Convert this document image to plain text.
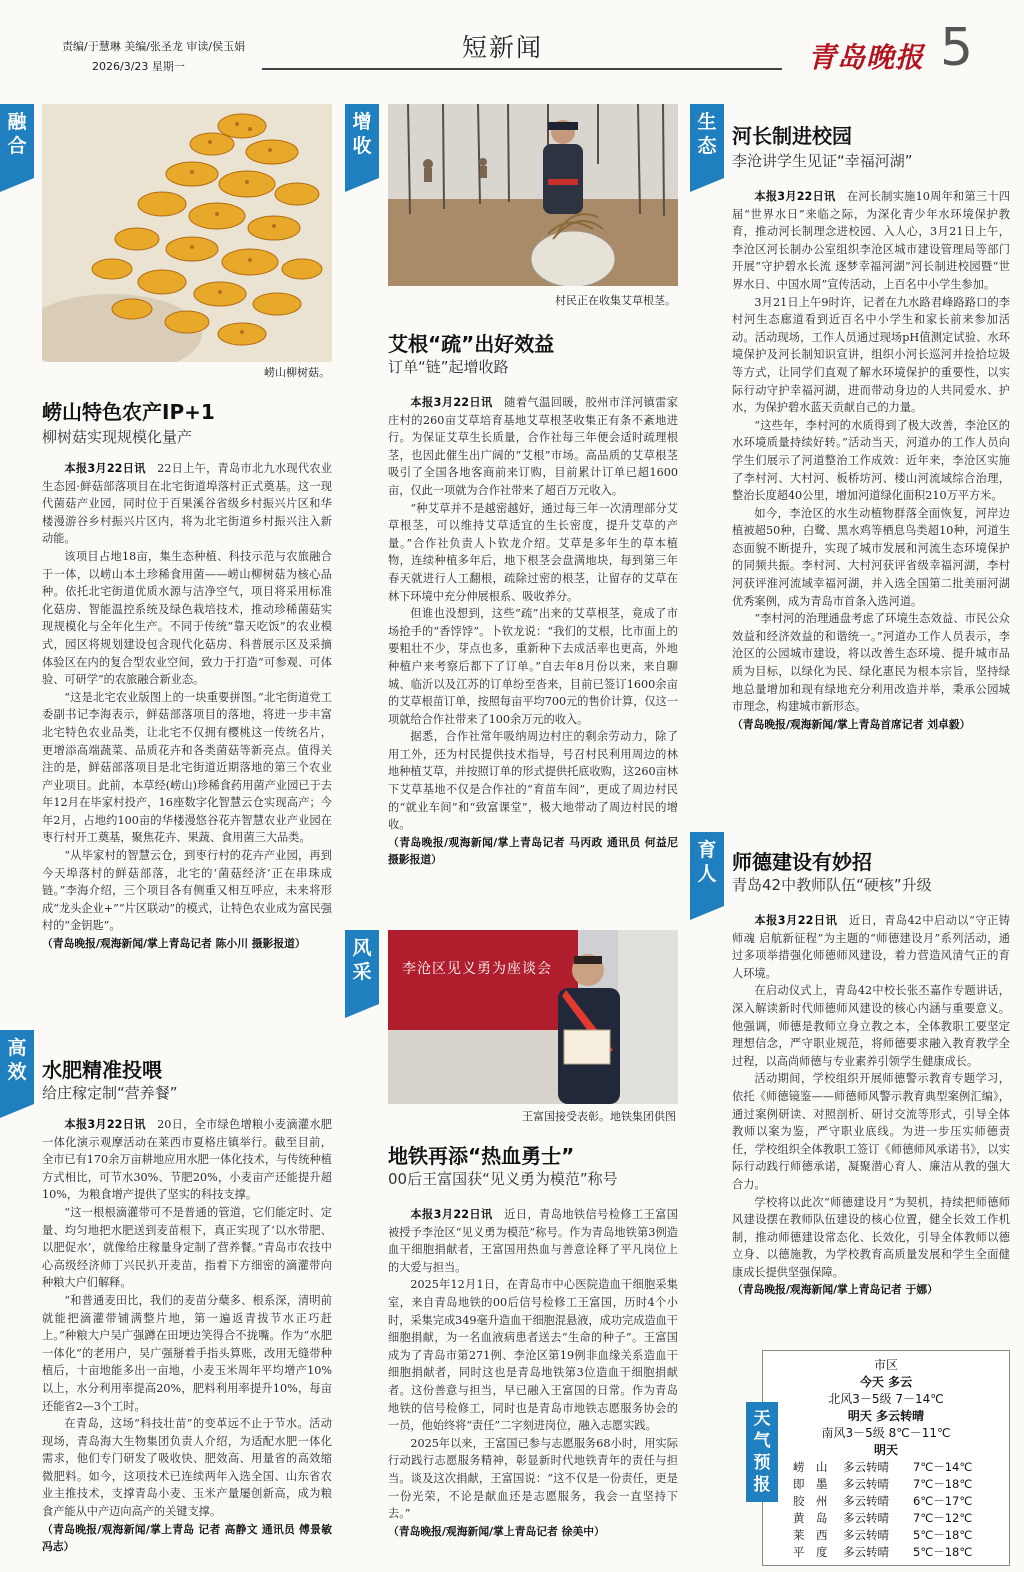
责编/于慧琳 美编/张圣龙 审读/侯玉娟
2026/3/23 星期一
短新闻	青岛晚报 5
融
合
崂山柳树菇。
崂山特色农产IP+1
柳树菇实现规模化量产

本报3月22日讯　 22日上午，青岛市北九水现代农业生态园·鲜菇部落项目在北宅街道埠落村正式奠基。这一现代菌菇产业园，同时位于百果溪谷省级乡村振兴片区和华楼漫游谷乡村振兴片区内，将为北宅街道乡村振兴注入新动能。

该项目占地18亩，集生态种植、科技示范与农旅融合于一体，以崂山本土珍稀食用菌——崂山柳树菇为核心品种。依托北宅街道优质水源与洁净空气，项目将采用标准化菇房、智能温控系统及绿色栽培技术，推动珍稀菌菇实现规模化与全年化生产。不同于传统“靠天吃饭”的农业模式，园区将规划建设包含现代化菇房、科普展示区及采摘体验区在内的复合型农业空间，致力于打造“可参观、可体验、可研学”的农旅融合新业态。

“这是北宅农业版图上的一块重要拼图。”北宅街道党工委副书记李海表示，鲜菇部落项目的落地，将进一步丰富北宅特色农业品类，让北宅不仅拥有樱桃这一传统名片，更增添高端蔬菜、品质花卉和各类菌菇等新亮点。值得关注的是，鲜菇部落项目是北宅街道近期落地的第三个农业产业项目。此前，本草经(崂山)珍稀食药用菌产业园已于去年12月在毕家村投产，16座数字化智慧云仓实现高产；今年2月，占地约100亩的华楼漫悠谷花卉智慧农业产业园在枣行村开工奠基，聚焦花卉、果蔬、食用菌三大品类。

“从毕家村的智慧云仓，到枣行村的花卉产业园，再到今天埠落村的鲜菇部落，北宅的‘菌菇经济’正在串珠成链。”李海介绍，三个项目各有侧重又相互呼应，未来将形成“龙头企业+”“片区联动”的模式，让特色农业成为富民强村的“金钥匙”。

（青岛晚报/观海新闻/掌上青岛记者 陈小川 摄影报道）

高
效 水肥精准投喂
给庄稼定制“营养餐”

本报3月22日讯　 20日，全市绿色增粮小麦滴灌水肥一体化演示观摩活动在莱西市夏格庄镇举行。截至目前，全市已有170余万亩耕地应用水肥一体化技术，与传统种植方式相比，可节水30%、节肥20%，小麦亩产还能提升超10%，为粮食增产提供了坚实的科技支撑。

“这一根根滴灌带可不是普通的管道，它们能定时、定量、均匀地把水肥送到麦苗根下，真正实现了‘以水带肥、以肥促水’，就像给庄稼量身定制了营养餐。”青岛市农技中心高级经济师丁兴民扒开麦苗，指着下方细密的滴灌带向种粮大户们解释。

“和普通麦田比，我们的麦苗分蘖多、根系深，清明前就能把滴灌带铺满整片地，第一遍返青拔节水正巧赶上。”种粮大户吴广强蹲在田埂边笑得合不拢嘴。作为“水肥一体化”的老用户，吴广强掰着手指头算账，改用无缝带种植后，十亩地能多出一亩地，小麦玉米周年平均增产10%以上，水分利用率提高20%，肥料利用率提升10%，每亩还能省2—3个工时。

在青岛，这场“科技壮苗”的变革远不止于节水。活动现场，青岛海大生物集团负责人介绍，为适配水肥一体化需求，他们专门研发了吸收快、肥效高、用量省的高效缩微肥料。如今，这项技术已连续两年入选全国、山东省农业主推技术，支撑青岛小麦、玉米产量屡创新高，成为粮食产能从中产迈向高产的关键支撑。

（青岛晚报/观海新闻/掌上青岛 记者 高静文 通讯员 傅景敏 冯志）

增
收
村民正在收集艾草根茎。
艾根“疏”出好效益
订单“链”起增收路

本报3月22日讯　 随着气温回暖，胶州市洋河镇雷家庄村的260亩艾草培育基地艾草根茎收集正有条不紊地进行。为保证艾草生长质量，合作社每三年便会适时疏理根茎，也因此催生出广阔的“艾根”市场。高品质的艾草根茎吸引了全国各地客商前来订购，目前累计订单已超1600亩，仅此一项就为合作社带来了超百万元收入。

“种艾草并不是越密越好，通过每三年一次清理部分艾草根茎，可以维持艾草适宜的生长密度，提升艾草的产量。”合作社负责人卜钦龙介绍。艾草是多年生的草本植物，连续种植多年后，地下根茎会盘满地块，每到第三年春天就进行人工翻根，疏除过密的根茎，让留存的艾草在林下环境中充分伸展根系、吸收养分。

但谁也没想到，这些“疏”出来的艾草根茎，竟成了市场抢手的“香饽饽”。卜钦龙说：“我们的艾根，比市面上的要粗壮不少，芽点也多，重新种下去成活率也更高，外地种植户来考察后都下了订单。”自去年8月份以来，来自聊城、临沂以及江苏的订单纷至沓来，目前已签订1600余亩的艾草根苗订单，按照每亩平均700元的售价计算，仅这一项就给合作社带来了100余万元的收入。

据悉，合作社常年吸纳周边村庄的剩余劳动力，除了用工外，还为村民提供技术指导，号召村民利用周边的林地种植艾草，并按照订单的形式提供托底收购，这260亩林下艾草基地不仅是合作社的“育苗车间”，更成了周边村民的“就业车间”和“致富课堂”，极大地带动了周边村民的增收。

（青岛晚报/观海新闻/掌上青岛记者 马丙政 通讯员 何益尼 摄影报道）

风
采	李沧区见义勇为座谈会
王富国接受表彰。地铁集团供图
地铁再添“热血勇士”
00后王富国获“见义勇为模范”称号

本报3月22日讯　 近日，青岛地铁信号检修工王富国被授予李沧区“见义勇为模范”称号。作为青岛地铁第3例造血干细胞捐献者，王富国用热血与善意诠释了平凡岗位上的大爱与担当。

2025年12月1日，在青岛市中心医院造血干细胞采集室，来自青岛地铁的00后信号检修工王富国，历时4个小时，采集完成349毫升造血干细胞混悬液，成功完成造血干细胞捐献，为一名血液病患者送去“生命的种子”。王富国成为了青岛市第271例、李沧区第19例非血缘关系造血干细胞捐献者，同时这也是青岛地铁第3位造血干细胞捐献者。这份善意与担当，早已融入王富国的日常。作为青岛地铁的信号检修工，同时也是青岛市地铁志愿服务协会的一员，他始终将“责任”二字刻进岗位，融入志愿实践。

2025年以来，王富国已参与志愿服务68小时，用实际行动践行志愿服务精神，彰显新时代地铁青年的责任与担当。谈及这次捐献，王富国说：“这不仅是一份责任，更是一份光荣，不论是献血还是志愿服务，我会一直坚持下去。”

（青岛晚报/观海新闻/掌上青岛记者 徐美中）

生
态 河长制进校园
李沧讲学生见证“幸福河湖”

本报3月22日讯　 在河长制实施10周年和第三十四届“世界水日”来临之际，为深化青少年水环境保护教育，推动河长制理念进校园、入人心，3月21日上午，李沧区河长制办公室组织李沧区城市建设管理局等部门开展“守护碧水长流 逐梦幸福河湖”河长制进校园暨“世界水日、中国水周”宣传活动，上百名中小学生参加。

3月21日上午9时许，记者在九水路君峰路路口的李村河生态廊道看到近百名中小学生和家长前来参加活动。活动现场，工作人员通过现场pH值测定试验、水环境保护及河长制知识宣讲，组织小河长巡河并捡拾垃圾等方式，让同学们直观了解水环境保护的重要性，以实际行动守护幸福河湖，进而带动身边的人共同爱水、护水，为保护碧水蓝天贡献自己的力量。

“这些年，李村河的水质得到了极大改善，李沧区的水环境质量持续好转。”活动当天，河道办的工作人员向学生们展示了河道整治工作成效：近年来，李沧区实施了李村河、大村河、板桥坊河、楼山河流域综合治理，整治长度超40公里，增加河道绿化面积210万平方米。

如今，李沧区的水生动植物群落全面恢复，河岸边植被超50种，白鹭、黑水鸡等栖息鸟类超10种，河道生态面貌不断提升，实现了城市发展和河流生态环境保护的同频共振。李村河、大村河获评省级幸福河湖，李村河获评淮河流域幸福河湖，并入选全国第二批美丽河湖优秀案例，成为青岛市首条入选河道。

“李村河的治理通盘考虑了环境生态效益、市民公众效益和经济效益的和谐统一。”河道办工作人员表示，李沧区的公园城市建设，将以改善生态环境、提升城市品质为目标，以绿化为民、绿化惠民为根本宗旨，坚持绿地总量增加和现有绿地充分利用改造并举，秉承公园城市理念，构建城市新形态。

（青岛晚报/观海新闻/掌上青岛首席记者 刘卓毅）

育
人 师德建设有妙招
青岛42中教师队伍“硬核”升级

本报3月22日讯　 近日，青岛42中启动以“守正铸师魂 启航新征程”为主题的“师德建设月”系列活动，通过多项举措强化师德师风建设，着力营造风清气正的育人环境。

在启动仪式上，青岛42中校长张丕嘉作专题讲话，深入解读新时代师德师风建设的核心内涵与重要意义。他强调，师德是教师立身立教之本，全体教职工要坚定理想信念，严守职业规范，将师德要求融入教育教学全过程，以高尚师德与专业素养引领学生健康成长。

活动期间，学校组织开展师德警示教育专题学习，依托《师德镜鉴——师德师风警示教育典型案例汇编》，通过案例研读、对照剖析、研讨交流等形式，引导全体教师以案为鉴，严守职业底线。为进一步压实师德责任，学校组织全体教职工签订《师德师风承诺书》，以实际行动践行师德承诺，凝聚潜心育人、廉洁从教的强大合力。

学校将以此次“师德建设月”为契机，持续把师德师风建设摆在教师队伍建设的核心位置，健全长效工作机制，推动师德建设常态化、长效化，引导全体教师以德立身、以德施教，为学校教育高质量发展和学生全面健康成长提供坚强保障。

（青岛晚报/观海新闻/掌上青岛记者 于娜）

市区
今天 多云
北风3－5级 7－14℃
明天 多云转晴
南风3－5级 8℃－11℃
明天
崂　山 多云转晴 7℃－14℃
即　墨 多云转晴 7℃－18℃
胶　州 多云转晴 6℃－17℃
黄　岛 多云转晴 7℃－12℃
莱　西 多云转晴 5℃－18℃
平　度 多云转晴 5℃－18℃
天
气
预
报
